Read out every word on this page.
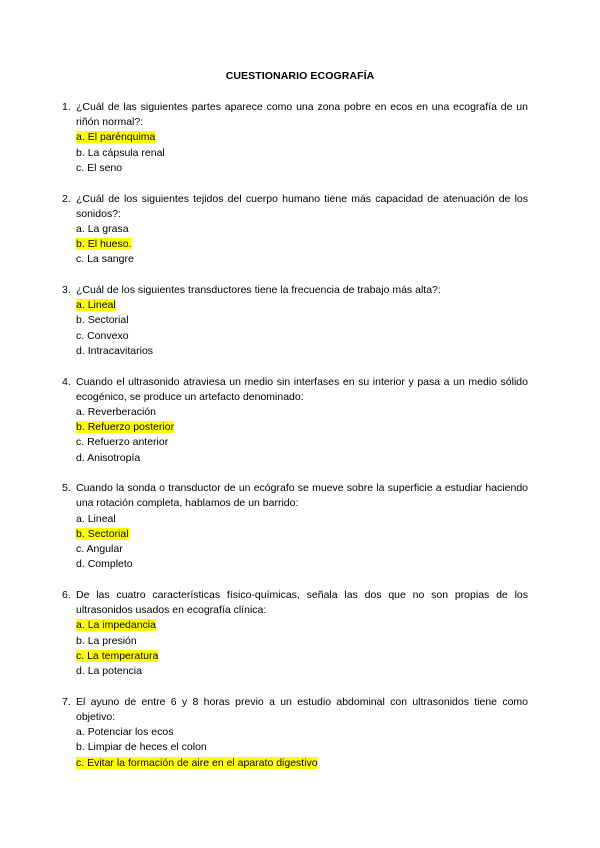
CUESTIONARIO ECOGRAFÍA
1. ¿Cuál de las siguientes partes aparece como una zona pobre en ecos en una ecografía de un riñón normal?:
a. El parénquima
b. La cápsula renal
c. El seno
2. ¿Cuál de los siguientes tejidos del cuerpo humano tiene más capacidad de atenuación de los sonidos?:
a. La grasa
b. El hueso.
c. La sangre
3. ¿Cuál de los siguientes transductores tiene la frecuencia de trabajo más alta?:
a. Lineal
b. Sectorial
c. Convexo
d. Intracavitarios
4. Cuando el ultrasonido atraviesa un medio sin interfases en su interior y pasa a un medio sólido ecogénico, se produce un artefacto denominado:
a. Reverberación
b. Refuerzo posterior
c. Refuerzo anterior
d. Anisotropía
5. Cuando la sonda o transductor de un ecógrafo se mueve sobre la superficie a estudiar haciendo una rotación completa, hablamos de un barrido:
a. Lineal
b. Sectorial
c. Angular
d. Completo
6. De las cuatro características físico-químicas, señala las dos que no son propias de los ultrasonidos usados en ecografía clínica:
a. La impedancia
b. La presión
c. La temperatura
d. La potencia
7. El ayuno de entre 6 y 8 horas previo a un estudio abdominal con ultrasonidos tiene como objetivo:
a. Potenciar los ecos
b. Limpiar de heces el colon
c. Evitar la formación de aire en el aparato digestivo
